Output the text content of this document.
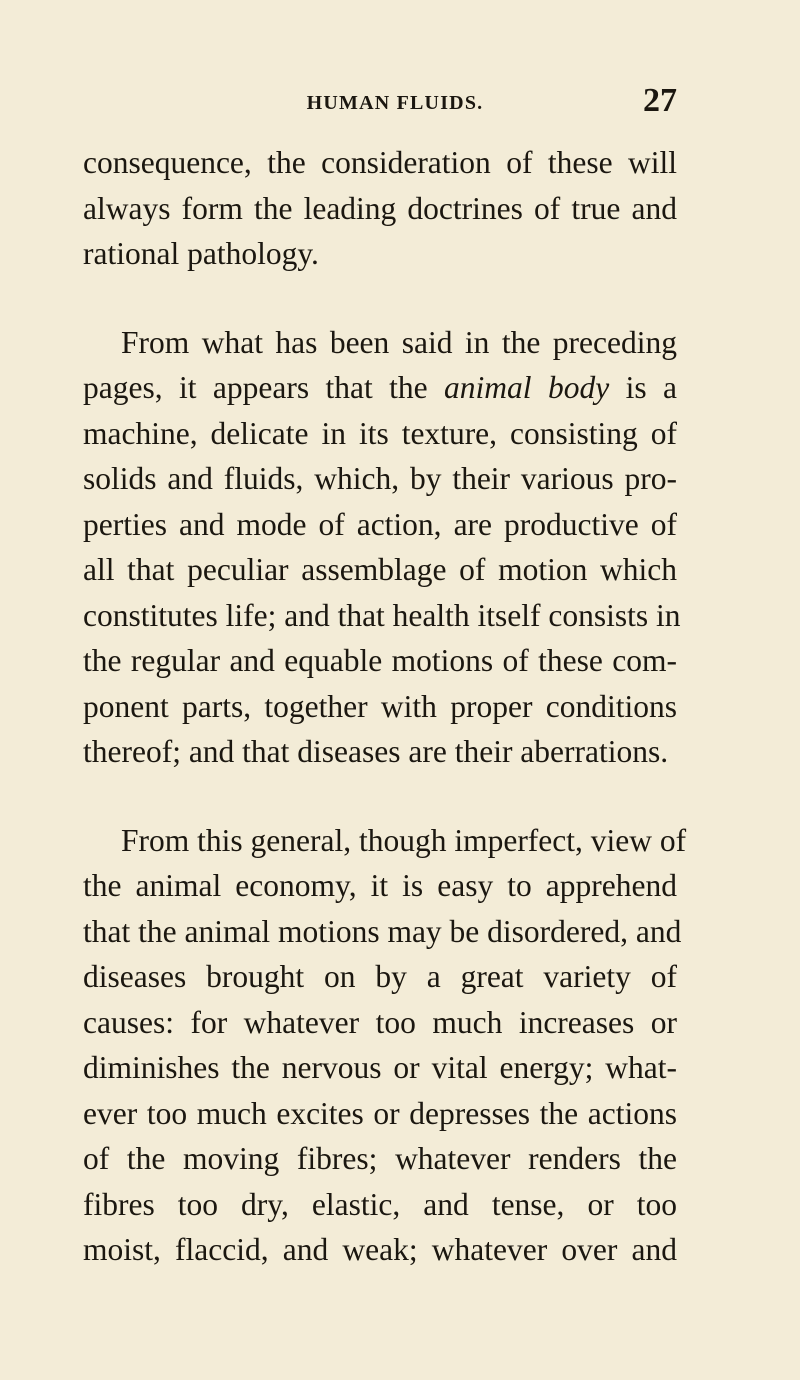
HUMAN FLUIDS.	27
consequence, the consideration of these will
always form the leading doctrines of true and
rational pathology.
From what has been said in the preceding
pages, it appears that the animal body is a
machine, delicate in its texture, consisting of
solids and fluids, which, by their various pro-
perties and mode of action, are productive of
all that peculiar assemblage of motion which
constitutes life; and that health itself consists in
the regular and equable motions of these com-
ponent parts, together with proper conditions
thereof; and that diseases are their aberrations.
From this general, though imperfect, view of
the animal economy, it is easy to apprehend
that the animal motions may be disordered, and
diseases brought on by a great variety of
causes: for whatever too much increases or
diminishes the nervous or vital energy; what-
ever too much excites or depresses the actions
of the moving fibres; whatever renders the
fibres too dry, elastic, and tense, or too
moist, flaccid, and weak; whatever over and
